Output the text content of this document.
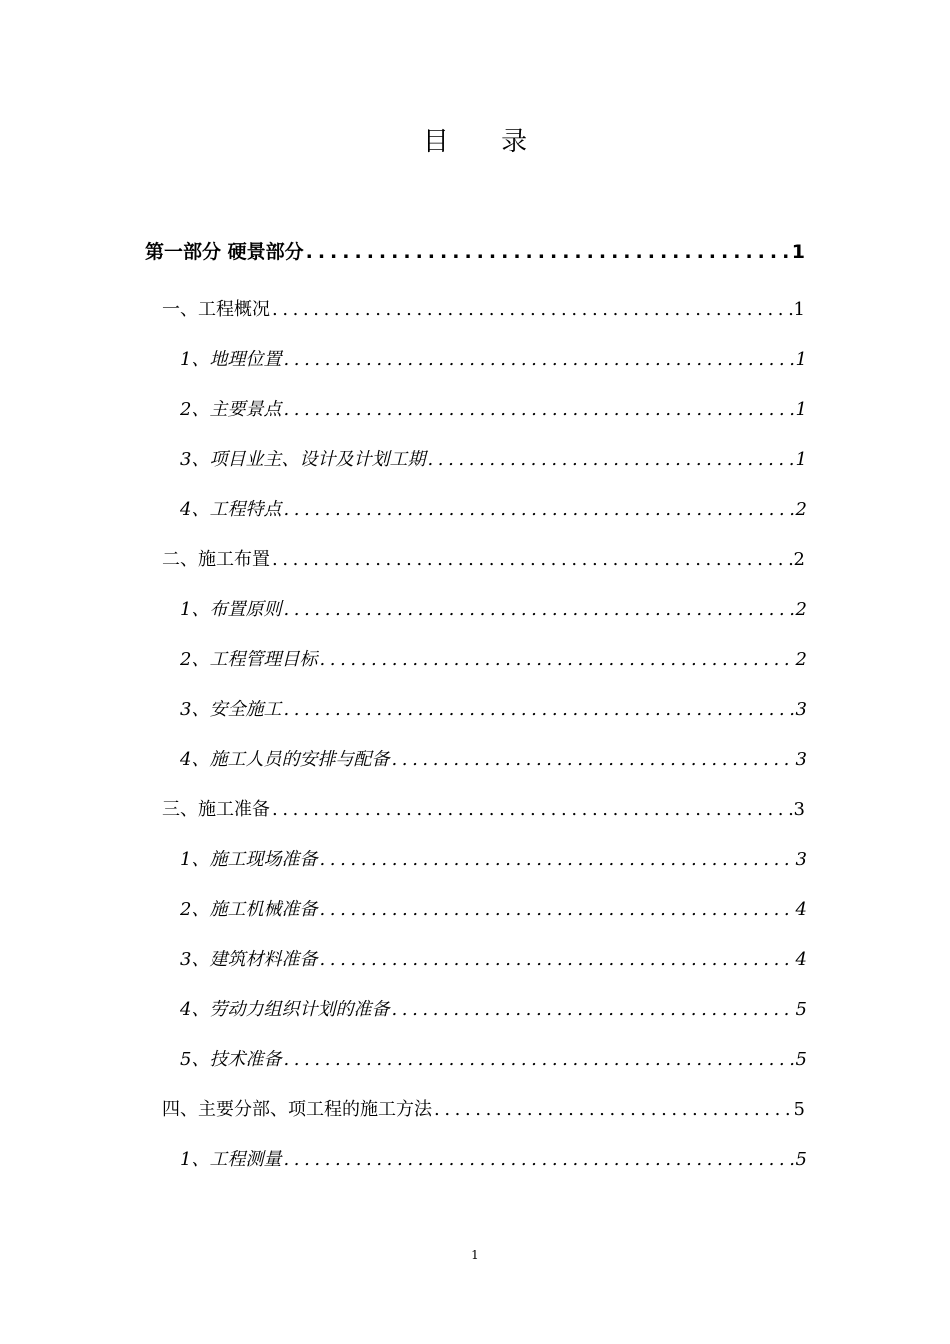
目 录
第一部分 硬景部分 .....	1
一、 工程概况 .....	1
1、地理位置 .....	1
2、主要景点 .....	1
3、项目业主、设计及计划工期 .....	1
4、工程特点 .....	2
二、 施工布置 .....	2
1、布置原则 .....	2
2、工程管理目标 .....	2
3、安全施工 .....	3
4、施工人员的安排与配备 .....	3
三、施工准备 .....	3
1、施工现场准备 .....	3
2、施工机械准备 .....	4
3、建筑材料准备 .....	4
4、劳动力组织计划的准备 .....	5
5、技术准备 .....	5
四、主要分部、项工程的施工方法 .....	5
1、工程测量 .....	5
1
